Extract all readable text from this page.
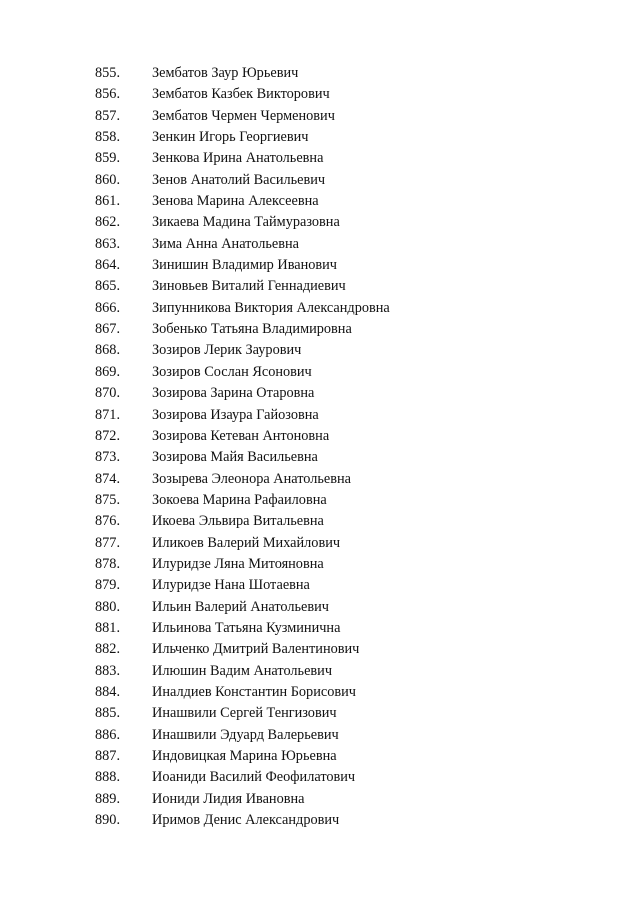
855. Зембатов Заур Юрьевич
856. Зембатов Казбек Викторович
857. Зембатов Чермен Черменович
858. Зенкин Игорь Георгиевич
859. Зенкова Ирина Анатольевна
860. Зенов Анатолий Васильевич
861. Зенова Марина Алексеевна
862. Зикаева Мадина Таймуразовна
863. Зима Анна Анатольевна
864. Зинишин Владимир Иванович
865. Зиновьев Виталий Геннадиевич
866. Зипунникова Виктория Александровна
867. Зобенько Татьяна Владимировна
868. Зозиров Лерик Заурович
869. Зозиров Сослан Ясонович
870. Зозирова Зарина Отаровна
871. Зозирова Изаура Гайозовна
872. Зозирова Кетеван Антоновна
873. Зозирова Майя Васильевна
874. Зозырева Элеонора Анатольевна
875. Зокоева Марина Рафаиловна
876. Икоева Эльвира Витальевна
877. Иликоев Валерий Михайлович
878. Илуридзе Ляна Митояновна
879. Илуридзе Нана Шотаевна
880. Ильин Валерий Анатольевич
881. Ильинова Татьяна Кузминична
882. Ильченко Дмитрий Валентинович
883. Илюшин Вадим Анатольевич
884. Иналдиев Константин Борисович
885. Инашвили Сергей Тенгизович
886. Инашвили Эдуард Валерьевич
887. Индовицкая Марина Юрьевна
888. Иоаниди Василий Феофилатович
889. Иониди Лидия Ивановна
890. Иримов Денис Александрович
